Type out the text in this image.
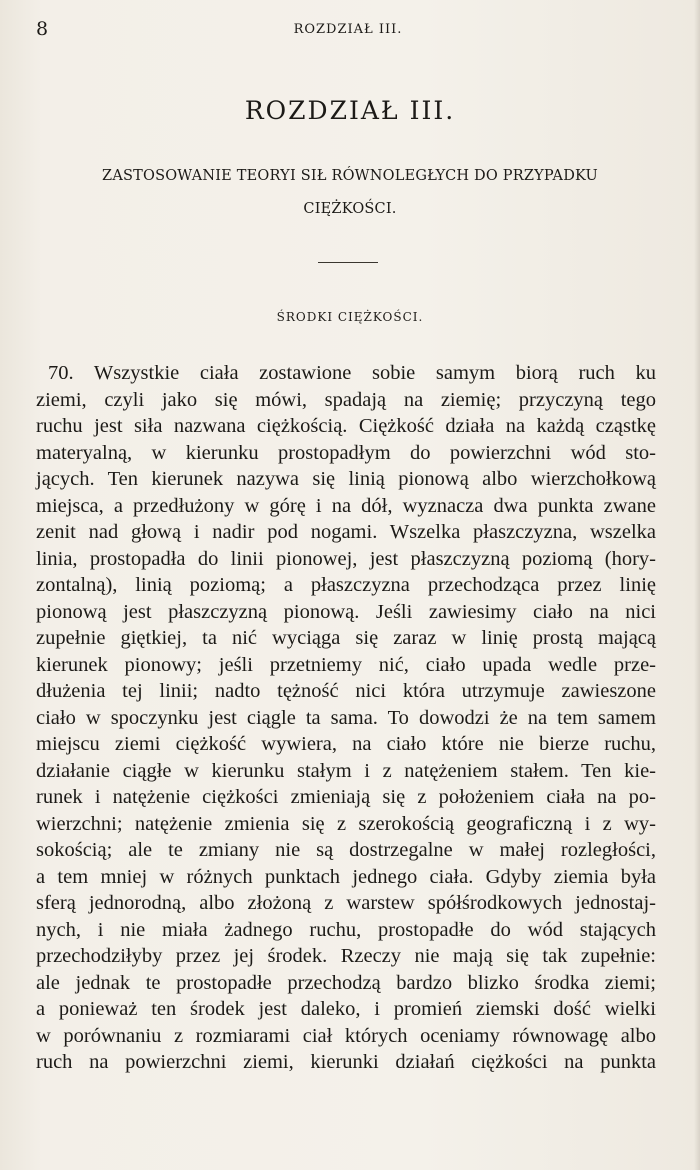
8	ROZDZIAŁ III.
ROZDZIAŁ III.
ZASTOSOWANIE TEORYI SIŁ RÓWNOLEGŁYCH DO PRZYPADKU
CIĘŻKOŚCI.
ŚRODKI CIĘŻKOŚCI.
70. Wszystkie ciała zostawione sobie samym biorą ruch ku
ziemi, czyli jako się mówi, spadają na ziemię; przyczyną tego
ruchu jest siła nazwana ciężkością. Ciężkość działa na każdą cząstkę
materyalną, w kierunku prostopadłym do powierzchni wód sto-
jących. Ten kierunek nazywa się linią pionową albo wierzchołkową
miejsca, a przedłużony w górę i na dół, wyznacza dwa punkta zwane
zenit nad głową i nadir pod nogami. Wszelka płaszczyzna, wszelka
linia, prostopadła do linii pionowej, jest płaszczyzną poziomą (hory-
zontalną), linią poziomą; a płaszczyzna przechodząca przez linię
pionową jest płaszczyzną pionową. Jeśli zawiesimy ciało na nici
zupełnie giętkiej, ta nić wyciąga się zaraz w linię prostą mającą
kierunek pionowy; jeśli przetniemy nić, ciało upada wedle prze-
dłużenia tej linii; nadto tężność nici która utrzymuje zawieszone
ciało w spoczynku jest ciągle ta sama. To dowodzi że na tem samem
miejscu ziemi ciężkość wywiera, na ciało które nie bierze ruchu,
działanie ciągłe w kierunku stałym i z natężeniem stałem. Ten kie-
runek i natężenie ciężkości zmieniają się z położeniem ciała na po-
wierzchni; natężenie zmienia się z szerokością geograficzną i z wy-
sokością; ale te zmiany nie są dostrzegalne w małej rozległości,
a tem mniej w różnych punktach jednego ciała. Gdyby ziemia była
sferą jednorodną, albo złożoną z warstew spółśrodkowych jednostaj-
nych, i nie miała żadnego ruchu, prostopadłe do wód stających
przechodziłyby przez jej środek. Rzeczy nie mają się tak zupełnie:
ale jednak te prostopadłe przechodzą bardzo blizko środka ziemi;
a ponieważ ten środek jest daleko, i promień ziemski dość wielki
w porównaniu z rozmiarami ciał których oceniamy równowagę albo
ruch na powierzchni ziemi, kierunki działań ciężkości na punkta
